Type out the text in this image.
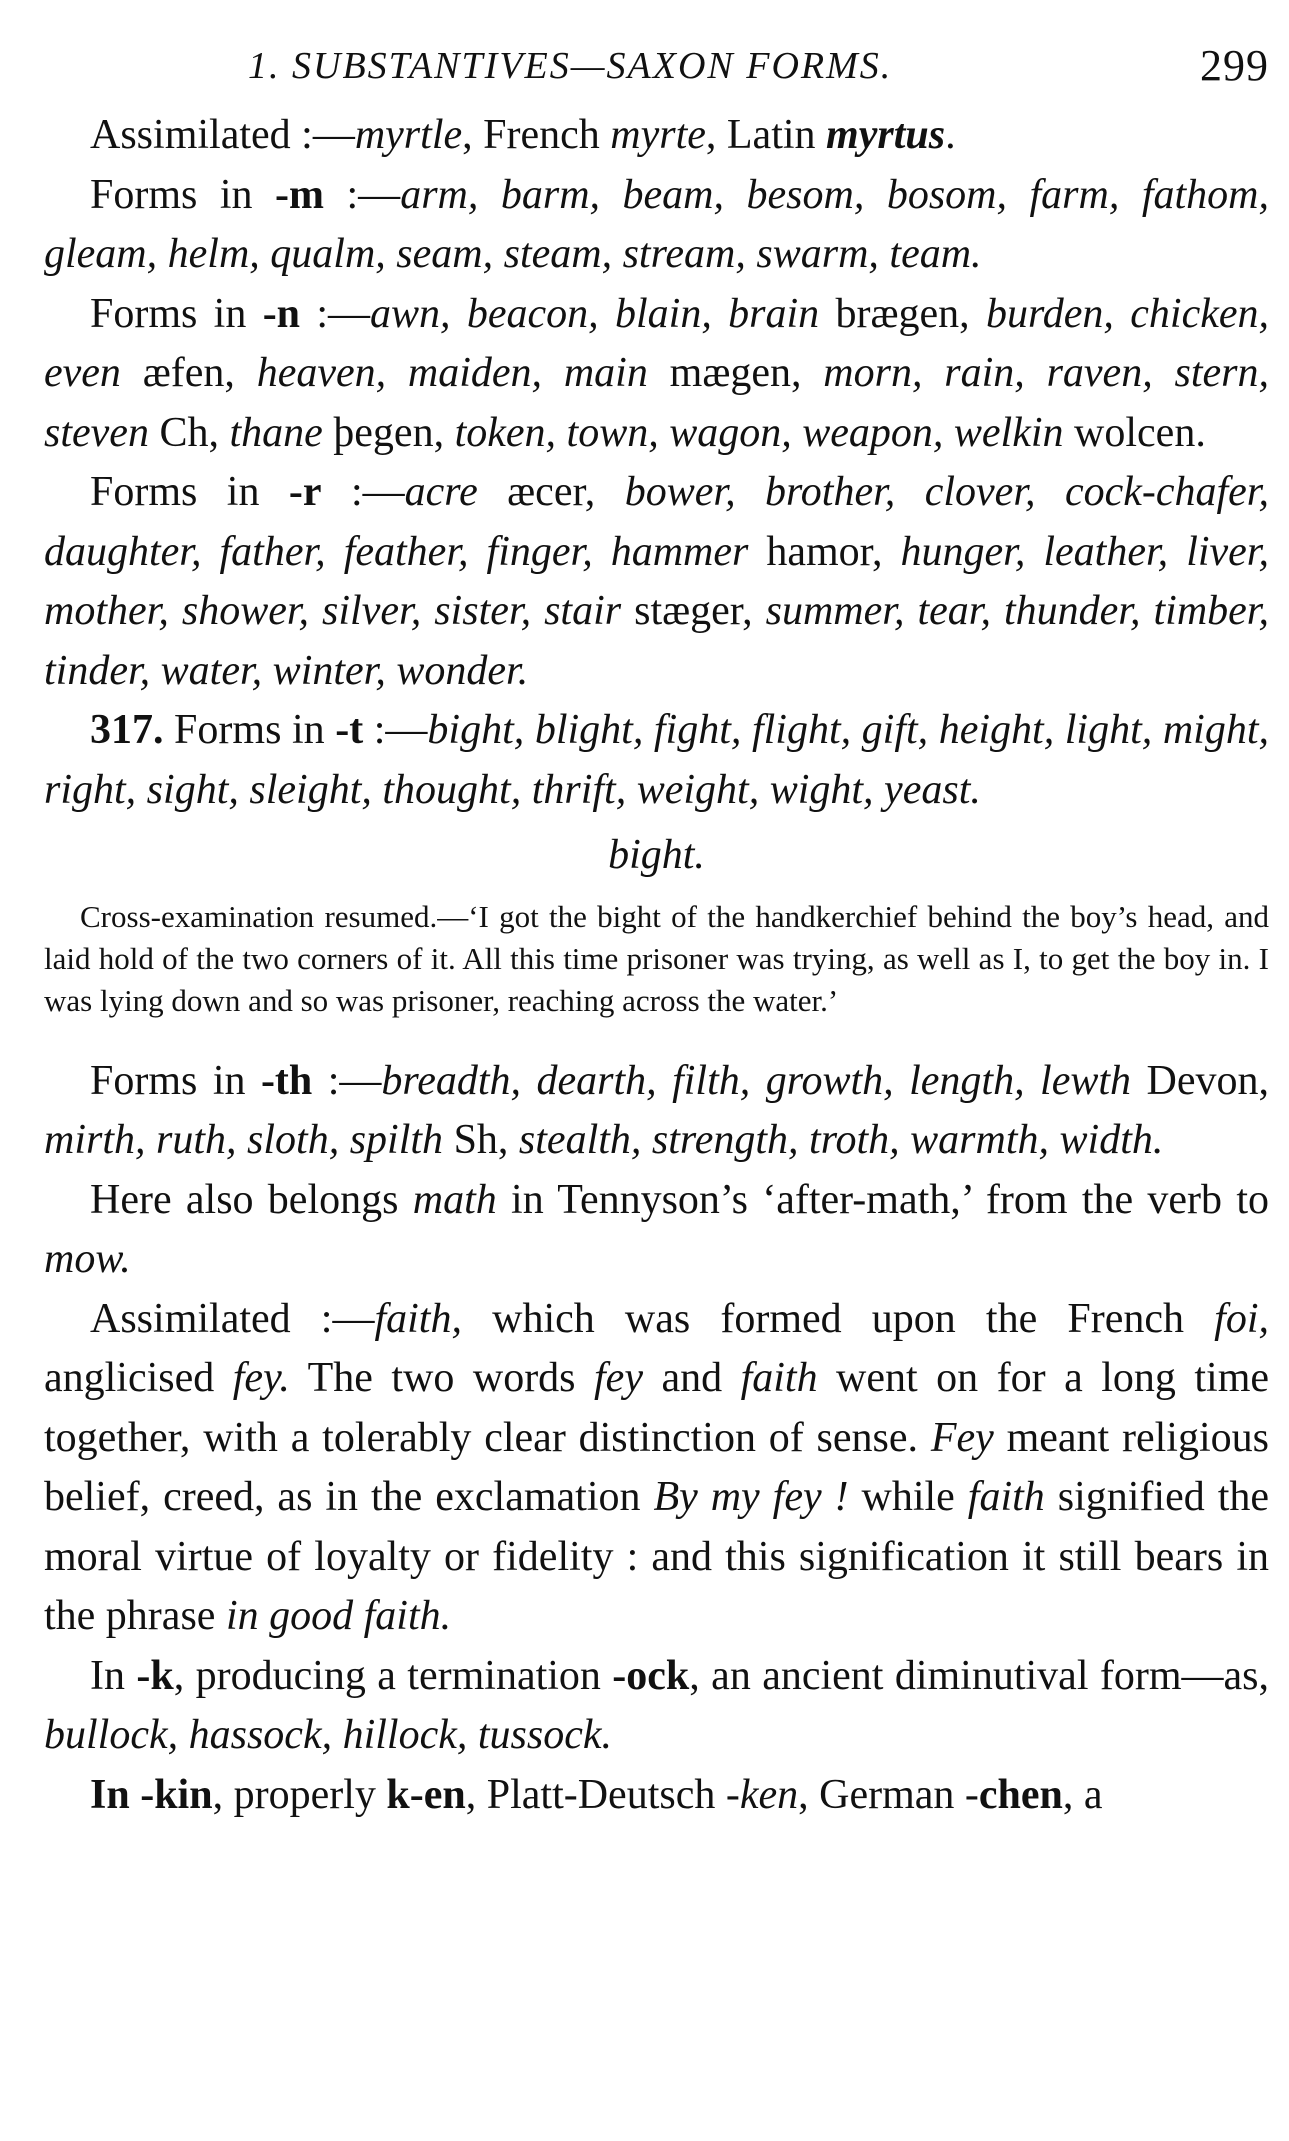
1. SUBSTANTIVES—SAXON FORMS.	299

Assimilated :—myrtle, French myrte, Latin myrtus.

Forms in -m :—arm, barm, beam, besom, bosom, farm, fathom, gleam, helm, qualm, seam, steam, stream, swarm, team.

Forms in -n :—awn, beacon, blain, brain brægen, burden, chicken, even æfen, heaven, maiden, main mægen, morn, rain, raven, stern, steven Ch, thane þegen, token, town, wagon, weapon, welkin wolcen.

Forms in -r :—acre æcer, bower, brother, clover, cock-chafer, daughter, father, feather, finger, hammer hamor, hunger, leather, liver, mother, shower, silver, sister, stair stæger, summer, tear, thunder, timber, tinder, water, winter, wonder.

317. Forms in -t :—bight, blight, fight, flight, gift, height, light, might, right, sight, sleight, thought, thrift, weight, wight, yeast.

bight.

Cross-examination resumed.—‘I got the bight of the handkerchief behind the boy’s head, and laid hold of the two corners of it. All this time prisoner was trying, as well as I, to get the boy in. I was lying down and so was prisoner, reaching across the water.’

Forms in -th :—breadth, dearth, filth, growth, length, lewth Devon, mirth, ruth, sloth, spilth Sh, stealth, strength, troth, warmth, width.

Here also belongs math in Tennyson’s ‘after-math,’ from the verb to mow.

Assimilated :—faith, which was formed upon the French foi, anglicised fey. The two words fey and faith went on for a long time together, with a tolerably clear distinction of sense. Fey meant religious belief, creed, as in the exclamation By my fey ! while faith signified the moral virtue of loyalty or fidelity : and this signification it still bears in the phrase in good faith.

In -k, producing a termination -ock, an ancient diminutival form—as, bullock, hassock, hillock, tussock.

In -kin, properly k-en, Platt-Deutsch -ken, German -chen, a
